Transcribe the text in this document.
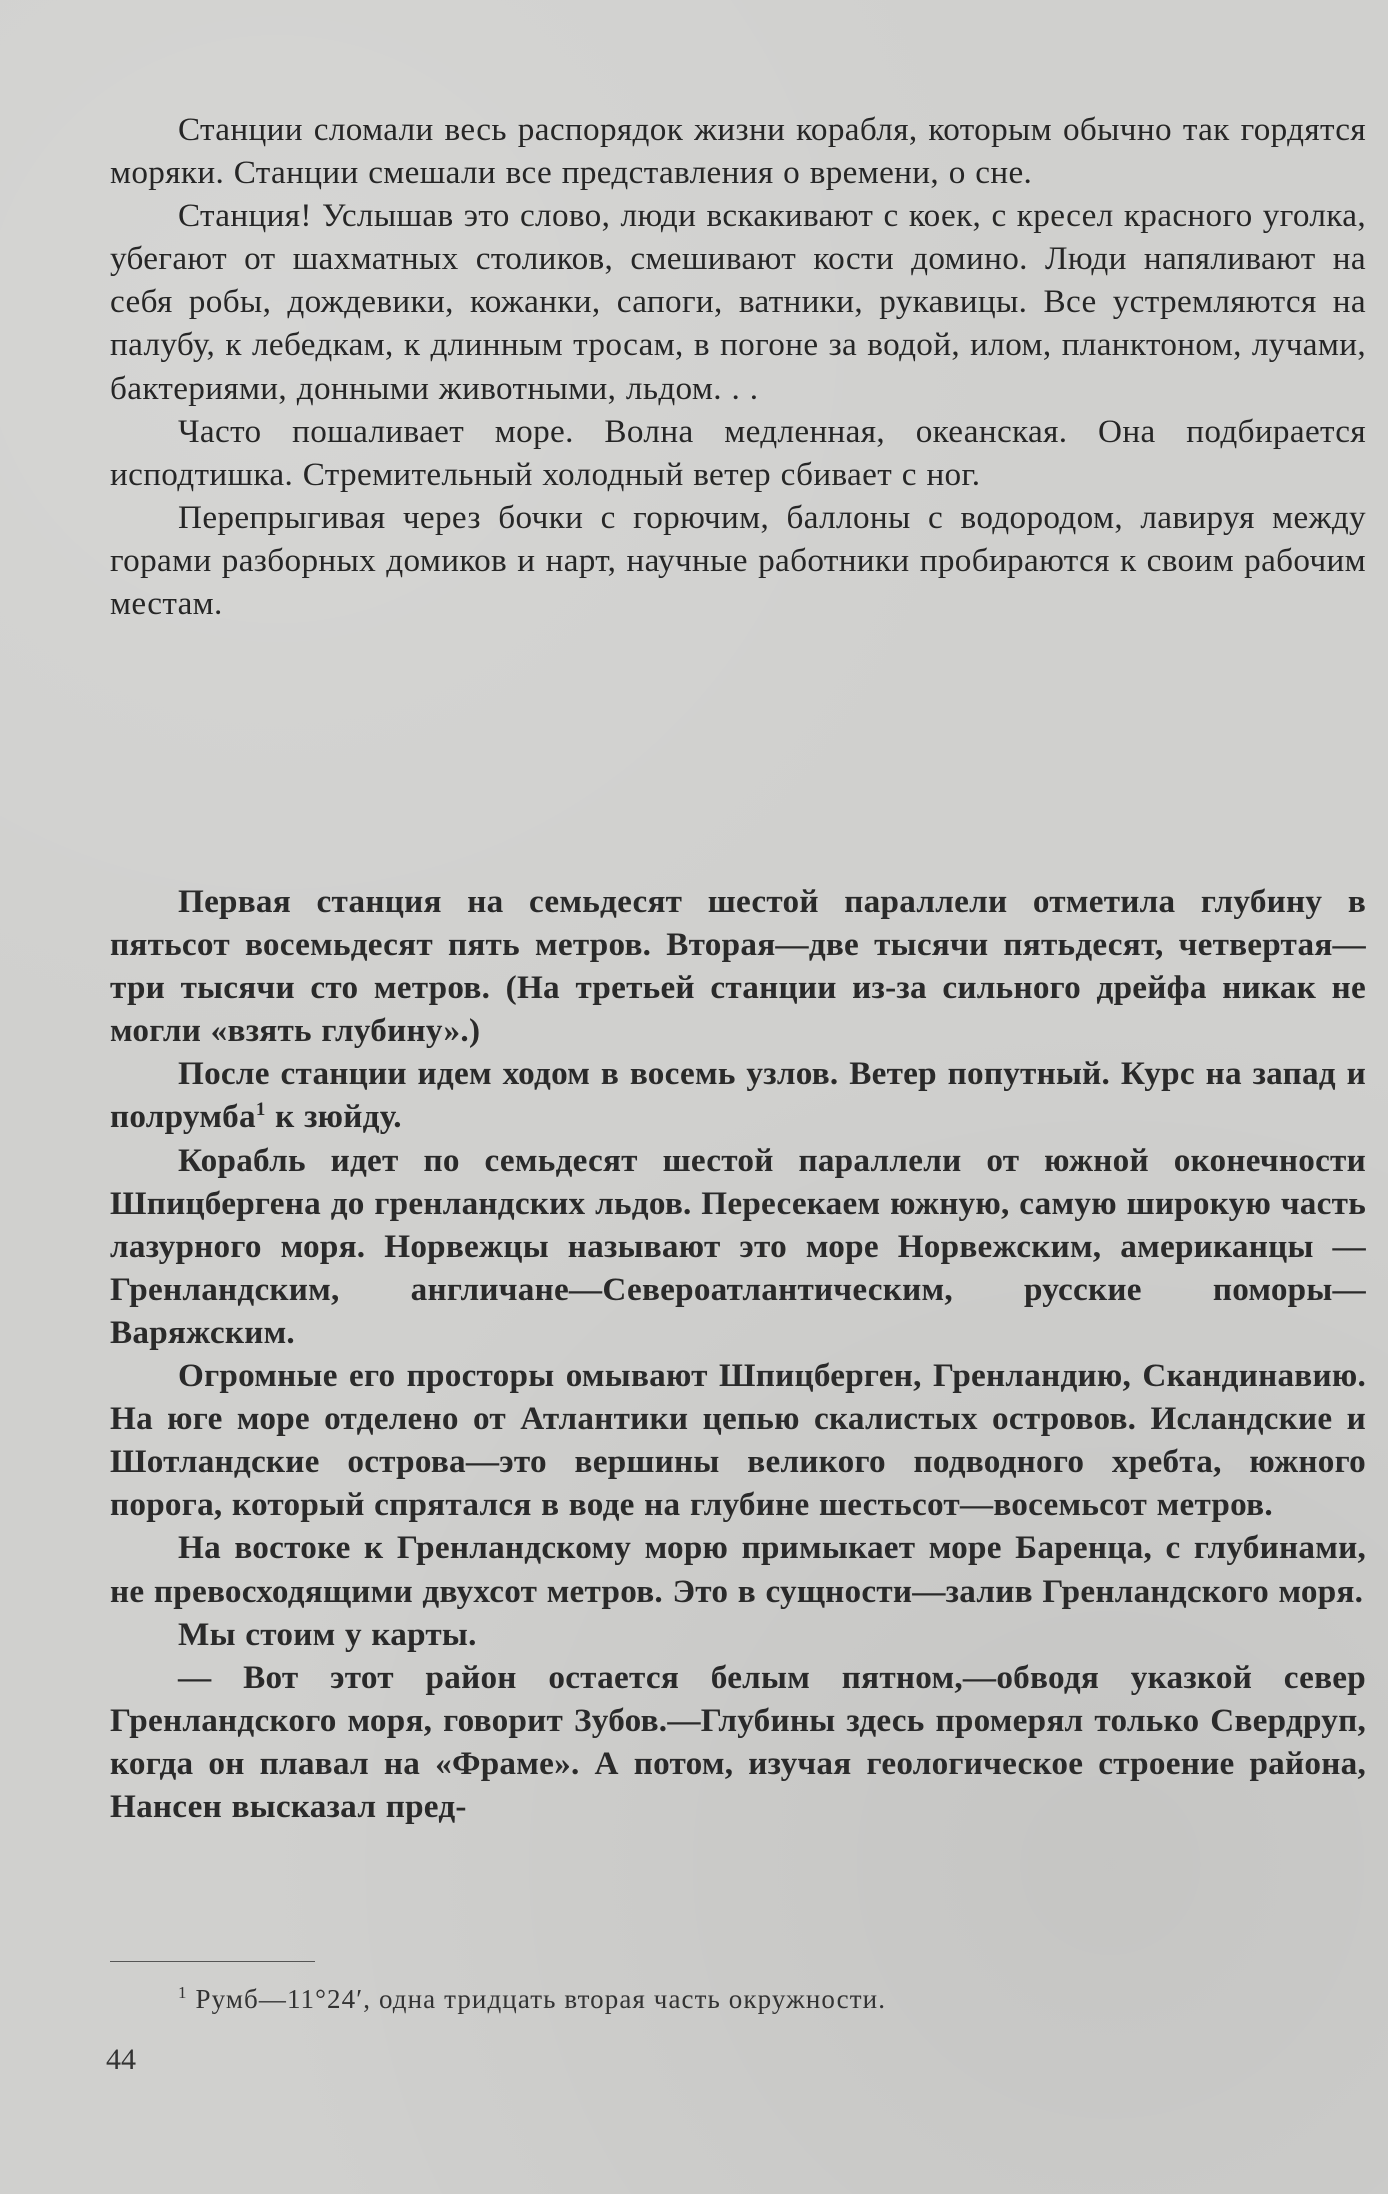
Станции сломали весь распорядок жизни корабля, которым обычно так гордятся моряки. Станции смешали все представления о времени, о сне.

Станция! Услышав это слово, люди вскакивают с коек, с кресел красного уголка, убегают от шахматных столиков, смешивают кости домино. Люди напяливают на себя робы, дождевики, кожанки, сапоги, ватники, рукавицы. Все устремляются на палубу, к лебедкам, к длинным тросам, в погоне за водой, илом, планктоном, лучами, бактериями, донными животными, льдом. . .

Часто пошаливает море. Волна медленная, океанская. Она подбирается исподтишка. Стремительный холодный ветер сбивает с ног.

Перепрыгивая через бочки с горючим, баллоны с водородом, лавируя между горами разборных домиков и нарт, научные работники пробираются к своим рабочим местам.

Первая станция на семьдесят шестой параллели отметила глубину в пятьсот восемьдесят пять метров. Вторая—две тысячи пятьдесят, четвертая—три тысячи сто метров. (На третьей станции из-за сильного дрейфа никак не могли «взять глубину».)

После станции идем ходом в восемь узлов. Ветер попутный. Курс на запад и полрумба$^1$ к зюйду.

Корабль идет по семьдесят шестой параллели от южной оконечности Шпицбергена до гренландских льдов. Пересекаем южную, самую широкую часть лазурного моря. Норвежцы называют это море Норвежским, американцы — Гренландским, англичане—Североатлантическим, русские поморы—Варяжским.

Огромные его просторы омывают Шпицберген, Гренландию, Скандинавию. На юге море отделено от Атлантики цепью скалистых островов. Исландские и Шотландские острова—это вершины великого подводного хребта, южного порога, который спрятался в воде на глубине шестьсот—восемьсот метров.

На востоке к Гренландскому морю примыкает море Баренца, с глубинами, не превосходящими двухсот метров. Это в сущности—залив Гренландского моря.

Мы стоим у карты.

— Вот этот район остается белым пятном,—обводя указкой север Гренландского моря, говорит Зубов.—Глубины здесь промерял только Свердруп, когда он плавал на «Фраме». А потом, изучая геологическое строение района, Нансен высказал пред-

$^1$ Румб—11°24′, одна тридцать вторая часть окружности.
44
